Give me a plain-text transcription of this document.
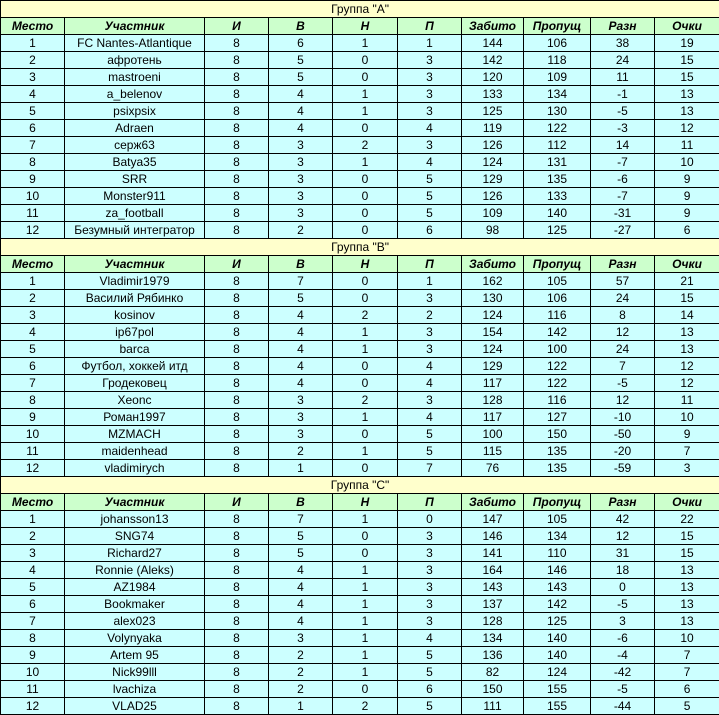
Группа "А"									
Место	Участник	И	В	Н	П	Забито	Пропущ	Разн	Очки
1	FC Nantes-Atlantique	8	6	1	1	144	106	38	19
2	афротень	8	5	0	3	142	118	24	15
3	mastroeni	8	5	0	3	120	109	11	15
4	a_belenov	8	4	1	3	133	134	-1	13
5	psixpsix	8	4	1	3	125	130	-5	13
6	Adraen	8	4	0	4	119	122	-3	12
7	серж63	8	3	2	3	126	112	14	11
8	Batya35	8	3	1	4	124	131	-7	10
9	SRR	8	3	0	5	129	135	-6	9
10	Monster911	8	3	0	5	126	133	-7	9
11	za_football	8	3	0	5	109	140	-31	9
12	Безумный интегратор	8	2	0	6	98	125	-27	6
Группа "В"									
Место	Участник	И	В	Н	П	Забито	Пропущ	Разн	Очки
1	Vladimir1979	8	7	0	1	162	105	57	21
2	Василий Рябинко	8	5	0	3	130	106	24	15
3	kosinov	8	4	2	2	124	116	8	14
4	ip67pol	8	4	1	3	154	142	12	13
5	barca	8	4	1	3	124	100	24	13
6	Футбол, хоккей итд	8	4	0	4	129	122	7	12
7	Гродековец	8	4	0	4	117	122	-5	12
8	Xeonc	8	3	2	3	128	116	12	11
9	Роман1997	8	3	1	4	117	127	-10	10
10	MZMACH	8	3	0	5	100	150	-50	9
11	maidenhead	8	2	1	5	115	135	-20	7
12	vladimirych	8	1	0	7	76	135	-59	3
Группа "С"									
Место	Участник	И	В	Н	П	Забито	Пропущ	Разн	Очки
1	johansson13	8	7	1	0	147	105	42	22
2	SNG74	8	5	0	3	146	134	12	15
3	Richard27	8	5	0	3	141	110	31	15
4	Ronnie (Aleks)	8	4	1	3	164	146	18	13
5	AZ1984	8	4	1	3	143	143	0	13
6	Bookmaker	8	4	1	3	137	142	-5	13
7	alex023	8	4	1	3	128	125	3	13
8	Volynyaka	8	3	1	4	134	140	-6	10
9	Artem 95	8	2	1	5	136	140	-4	7
10	Nick99lll	8	2	1	5	82	124	-42	7
11	lvachiza	8	2	0	6	150	155	-5	6
12	VLAD25	8	1	2	5	111	155	-44	5
